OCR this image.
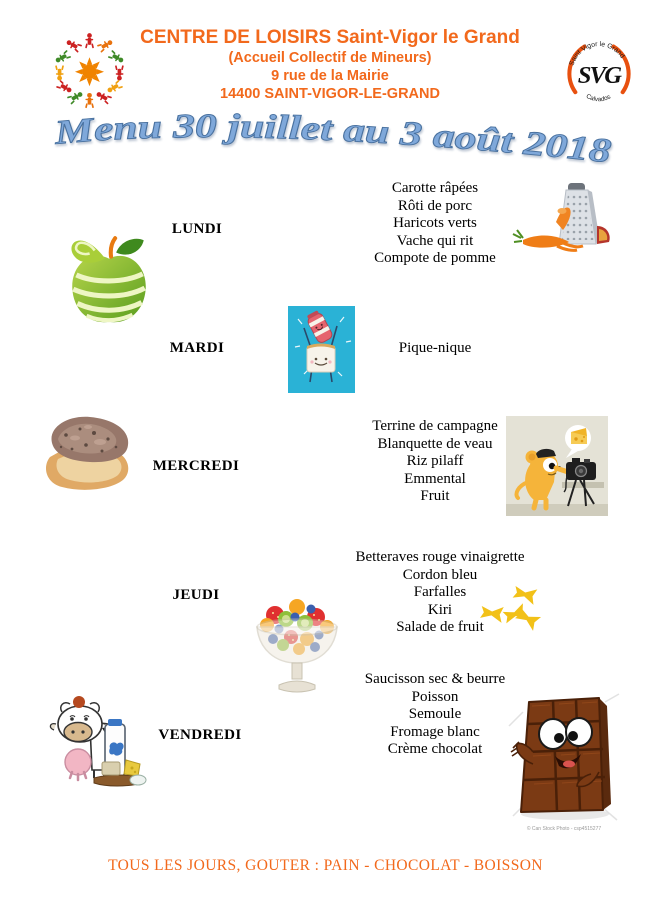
CENTRE DE LOISIRS Saint-Vigor le Grand
(Accueil Collectif de Mineurs)
9 rue de la Mairie
14400 SAINT-VIGOR-LE-GRAND
Saint Vigor le Grand
Calvados
SVG
Menu 30 juillet au 3 août 2018
LUNDI
Carotte râpées
Rôti de porc
Haricots verts
Vache qui rit
Compote de pomme
MARDI	Pique-nique
MERCREDI
Terrine de campagne
Blanquette de veau
Riz pilaff
Emmental
Fruit
JEUDI
Betteraves rouge vinaigrette
Cordon bleu
Farfalles
Kiri
Salade de fruit
VENDREDI
Saucisson sec & beurre
Poisson
Semoule
Fromage blanc
Crème chocolat
© Can Stock Photo - csp4515277
TOUS LES JOURS, GOUTER : PAIN - CHOCOLAT - BOISSON
